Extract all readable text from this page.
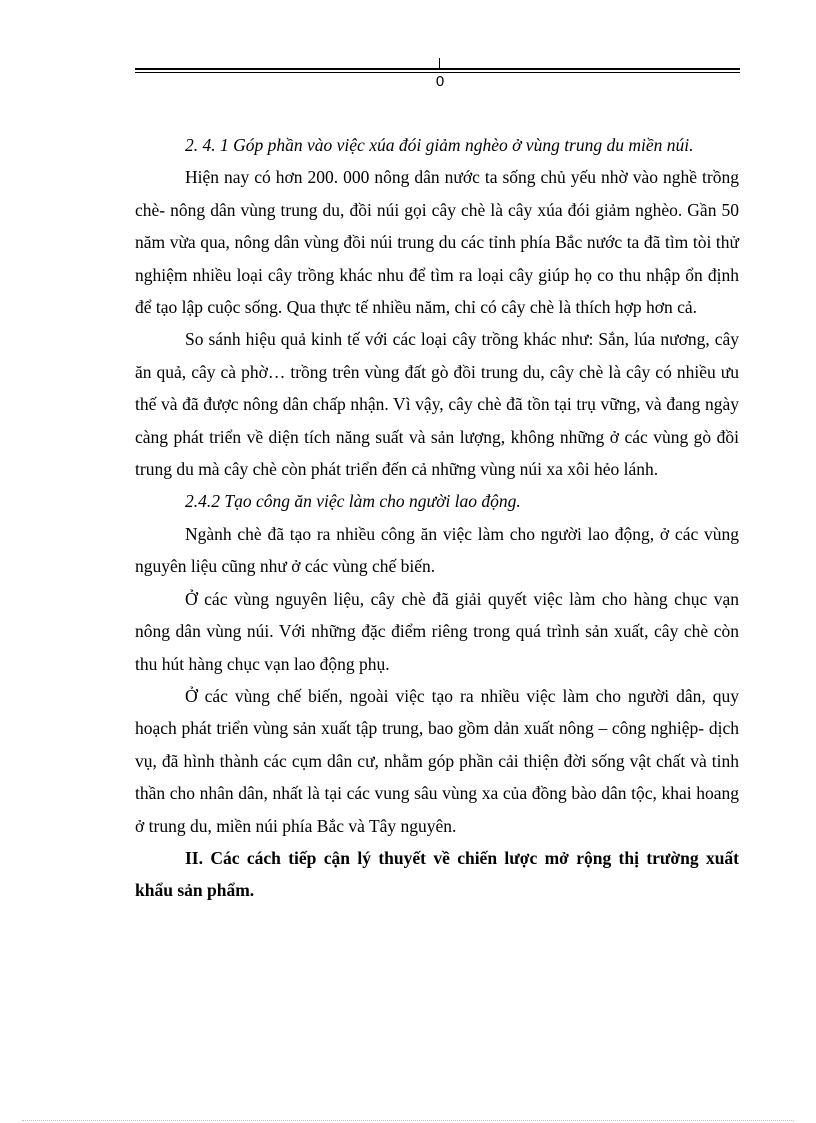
0

2. 4. 1 Góp phần vào việc xúa đói giảm nghèo ở vùng trung du miền núi.

Hiện nay có hơn 200. 000 nông dân nước ta sống chủ yếu nhờ vào nghề trồng chè- nông dân vùng trung du, đồi núi gọi cây chè là cây xúa đói giảm nghèo. Gần 50 năm vừa qua, nông dân vùng đồi núi trung du các tỉnh phía Bắc nước ta đã tìm tòi thử nghiệm nhiều loại cây trồng khác nhu để tìm ra loại cây giúp họ co thu nhập ổn định để tạo lập cuộc sống. Qua thực tế nhiều năm, chỉ có cây chè là thích hợp hơn cả.

So sánh hiệu quả kinh tế với các loại cây trồng khác như: Sắn, lúa nương, cây ăn quả, cây cà phờ… trồng trên vùng đất gò đồi trung du, cây chè là cây có nhiều ưu thế và đã được nông dân chấp nhận. Vì vậy, cây chè đã tồn tại trụ vững, và đang ngày càng phát triển về diện tích năng suất và sản lượng, không những ở các vùng gò đồi trung du mà cây chè còn phát triển đến cả những vùng núi xa xôi hẻo lánh.

2.4.2 Tạo công ăn việc làm cho người lao động.

Ngành chè đã tạo ra nhiều công ăn việc làm cho người lao động, ở các vùng nguyên liệu cũng như ở các vùng chế biến.

Ở các vùng nguyên liệu, cây chè đã giải quyết việc làm cho hàng chục vạn nông dân vùng núi. Với những đặc điểm riêng trong quá trình sản xuất, cây chè còn thu hút hàng chục vạn lao động phụ.

Ở các vùng chế biến, ngoài việc tạo ra nhiều việc làm cho người dân, quy hoạch phát triển vùng sản xuất tập trung, bao gồm dản xuất nông – công nghiệp- dịch vụ, đã hình thành các cụm dân cư, nhằm góp phần cải thiện đời sống vật chất và tinh thần cho nhân dân, nhất là tại các vung sâu vùng xa của đồng bào dân tộc, khai hoang ở trung du, miền núi phía Bắc và Tây nguyên.

II. Các cách tiếp cận lý thuyết về chiến lược mở rộng thị trường xuất khẩu sản phẩm.
